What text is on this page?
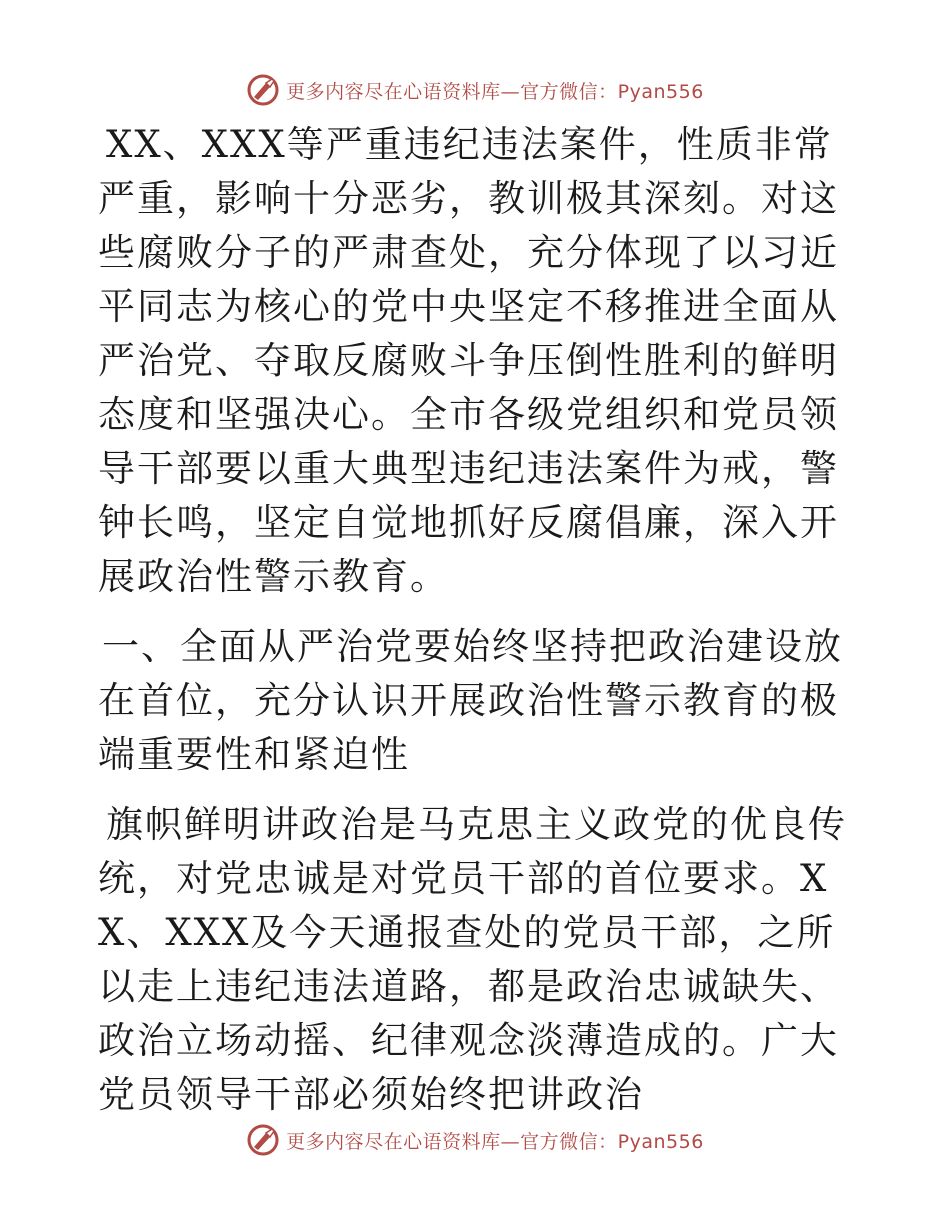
更多内容尽在心语资料库—官方微信：Pyan556

XX、XXX等严重违纪违法案件，性质非常严重，影响十分恶劣，教训极其深刻。对这些腐败分子的严肃查处，充分体现了以习近平同志为核心的党中央坚定不移推进全面从严治党、夺取反腐败斗争压倒性胜利的鲜明态度和坚强决心。全市各级党组织和党员领导干部要以重大典型违纪违法案件为戒，警钟长鸣，坚定自觉地抓好反腐倡廉，深入开展政治性警示教育。

一、全面从严治党要始终坚持把政治建设放在首位，充分认识开展政治性警示教育的极端重要性和紧迫性

旗帜鲜明讲政治是马克思主义政党的优良传统，对党忠诚是对党员干部的首位要求。XX、XXX及今天通报查处的党员干部，之所以走上违纪违法道路，都是政治忠诚缺失、政治立场动摇、纪律观念淡薄造成的。广大党员领导干部必须始终把讲政治

更多内容尽在心语资料库—官方微信：Pyan556
